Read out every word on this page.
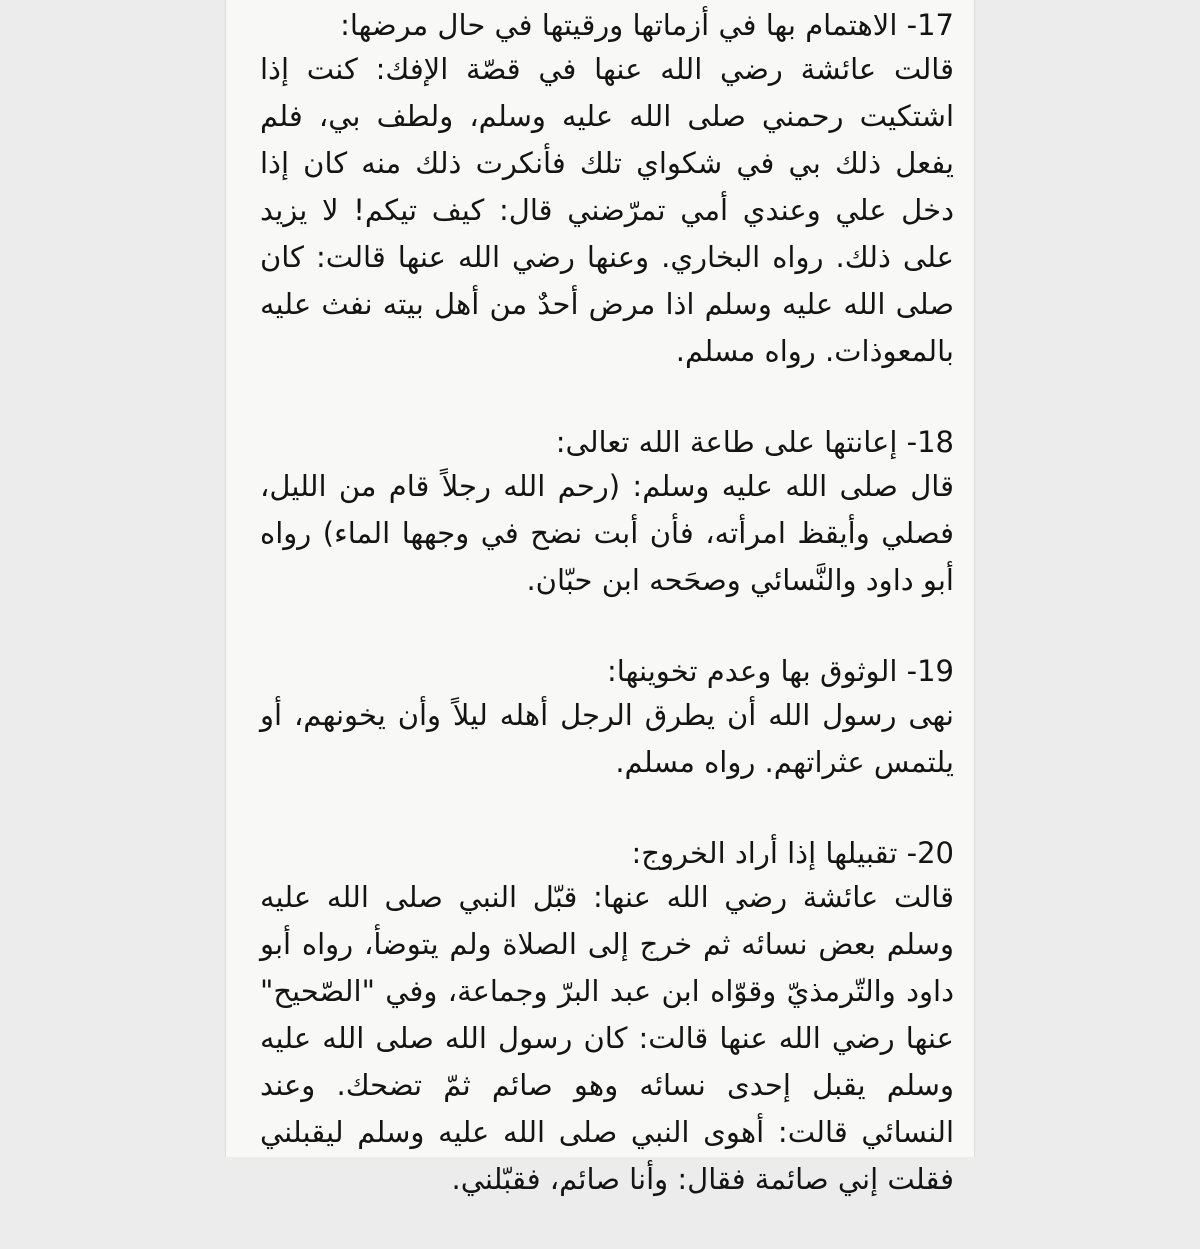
17- الاهتمام بها في أزماتها ورقيتها في حال مرضها:

قالت عائشة رضي الله عنها في قصّة الإفك: كنت إذا اشتكيت رحمني صلى الله عليه وسلم، ولطف بي، فلم يفعل ذلك بي في شكواي تلك فأنكرت ذلك منه كان إذا دخل علي وعندي أمي تمرّضني قال: كيف تيكم! لا يزيد على ذلك. رواه البخاري. وعنها رضي الله عنها قالت: كان صلى الله عليه وسلم اذا مرض أحدٌ من أهل بيته نفث عليه بالمعوذات. رواه مسلم.

18- إعانتها على طاعة الله تعالى:

قال صلى الله عليه وسلم: (رحم الله رجلاً قام من الليل، فصلي وأيقظ امرأته، فأن أبت نضح في وجهها الماء) رواه أبو داود والنَّسائي وصحَحه ابن حبّان.

19- الوثوق بها وعدم تخوينها:

نهى رسول الله أن يطرق الرجل أهله ليلاً وأن يخونهم، أو يلتمس عثراتهم. رواه مسلم.

20- تقبيلها إذا أراد الخروج:

قالت عائشة رضي الله عنها: قبّل النبي صلى الله عليه وسلم بعض نسائه ثم خرج إلى الصلاة ولم يتوضأ، رواه أبو داود والتّرمذيّ وقوّاه ابن عبد البرّ وجماعة، وفي "الصّحيح" عنها رضي الله عنها قالت: كان رسول الله صلى الله عليه وسلم يقبل إحدى نسائه وهو صائم ثمّ تضحك. وعند النسائي قالت: أهوى النبي صلى الله عليه وسلم ليقبلني فقلت إني صائمة فقال: وأنا صائم، فقبّلني.
